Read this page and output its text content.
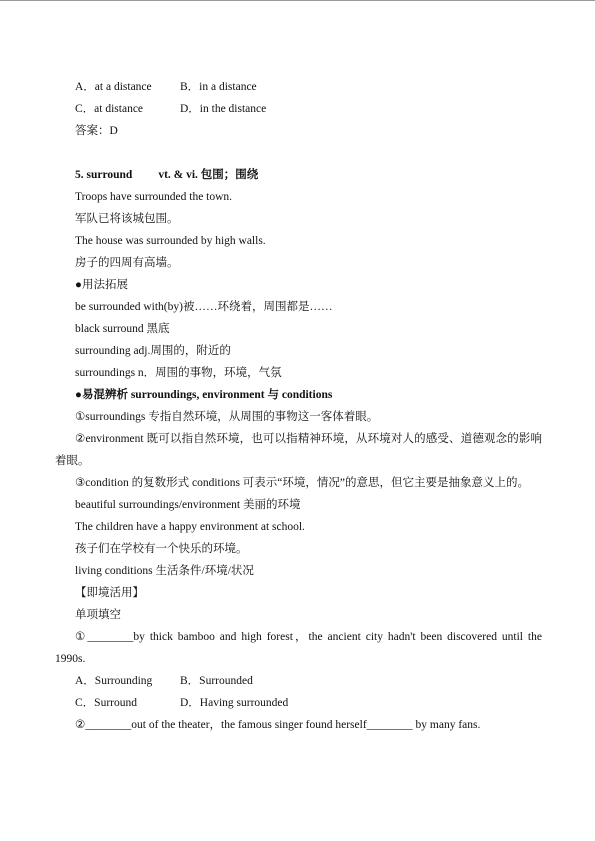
A．at a distance B．in a distance
C．at distance	D．in the distance
答案：D
5. surround vt. & vi. 包围；围绕
Troops have surrounded the town.
军队已将该城包围。
The house was surrounded by high walls.
房子的四周有高墙。
●用法拓展
be surrounded with(by)被……环绕着，周围都是……
black surround 黑底
surrounding adj.周围的，附近的
surroundings n．周围的事物，环境，气氛
●易混辨析 surroundings, environment 与 conditions
①surroundings 专指自然环境，从周围的事物这一客体着眼。
②environment 既可以指自然环境，也可以指精神环境，从环境对人的感受、道德观念的影响着眼。
③condition 的复数形式 conditions 可表示“环境，情况”的意思，但它主要是抽象意义上的。
beautiful surroundings/environment 美丽的环境
The children have a happy environment at school.
孩子们在学校有一个快乐的环境。
living conditions 生活条件/环境/状况
【即境活用】
单项填空
①________by thick bamboo and high forest，the ancient city hadn't been discovered until the 1990s.
A．Surrounding B．Surrounded
C．Surround	D．Having surrounded
②________out of the theater，the famous singer found herself________ by many fans.
